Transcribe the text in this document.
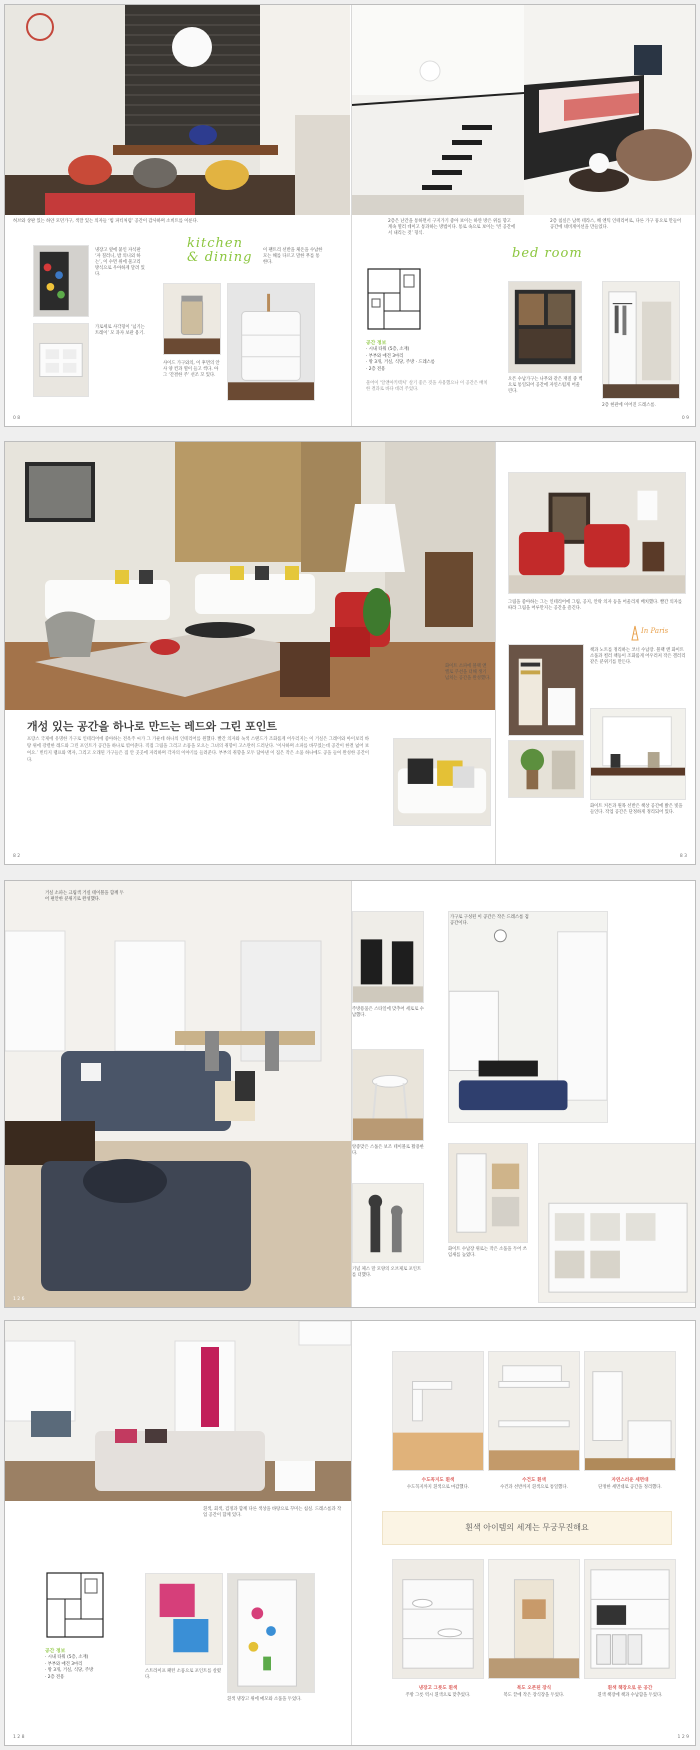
허브와 상판 있는 하얀 모던가구, 색깔 있는 의자들 ‘빔 파티처럼’ 공간이 감사하며 소비트를 이룬다.
냉장고 옆에 붙인 자석판 ‘자 칠러니, 밤 의니외 하는’, 이 수면 위에 물고리 방식으로 우아하게 달려 있다.
가로세로 사각형이 ‘넘기는 트레이’ 모 과자 보관 용기.
kitchen
& dining	이 팬트리 선반을 체온을 수납한 모는 해를 다르고 말한 무를 통한다.
사이드 가구와의, 이 후면의 안 사 양 컨과 열이 들고 씩다. 아 그 ‘간결한 주’ 선조 꼬 있다.
0 8
2층은 난간을 통하면서 구지가기 좋아 보이는 하얀 방은 위를 향고 계속 열러 데이고 통과하는 방법이다. 통로 속으로 보이는 ‘빈 공간에서 내리는 것’ 형식.
2층 침실은 남쪽 테라스, 해 엔틱 인테리어로, 다른 가구 풍요로 만들어 공간에 네비게이션을 만들었다.
bed room
공간 정보
· 시내 타워 (5층, 소재)
· 부부와 애견 3마리
· 방 3개, 거실, 식당, 주방 · 드레스룸
· 2층 전용
물어이 ‘알앤아키텍처’ 살기 좋은 것을 사용했으나 이 공간은 배치한 결과로 바다 데려 주었다.
오픈 수납가구는 나무와 같은 재질 중 벽으로 통일되어 공간에 자연스럽게 어울린다.
2층 현관에 이어진 드레스룸.
0 9
개성 있는 공간을 하나로 만드는 레드와 그린 포인트
프랑스 국제에 유명한 가구로 인테리어에 좋아하는 전옥주 씨가 그 가운데 하나의 인테리어를 원했다. 빨간 의자와 녹색 스탠드가 조화롭게 어우러지는 이 거실은 그레이와 아이보리 바탕 위에 강렬한 레드와 그린 포인트가 공간을 하나로 엮어준다. 직접 그림을 그리고 소품을 모으는 그녀의 취향이 고스란히 드러난다. ‘이사하며 소파를 바꾸었는데 공간이 한결 넓어 보여요.’ 빈티지 램프와 액자, 그리고 오래된 가구들은 집 안 곳곳에 자리하며 각자의 이야기를 들려준다. 부부의 취향을 모두 담아낸 이 집은 작은 소품 하나에도 공을 들여 완성한 공간이다.
8 2
그림을 좋아하는 그는 인테리어에 그림, 공지, 안락 의자 등을 어울리게 배치했다. 빨간 의자를 따라 그림을 어루만지는 공간을 즐긴다.
In Paris
책과 노트를 정리하는 코너 수납장. 블랙 앤 화이트 소품과 컬러 책등이 조화롭게 어우러져 작은 갤러리 같은 분위기를 만든다.
화이트 커튼과 원목 선반은 책상 공간에 밝은 빛을 들인다. 작업 공간은 단정하게 정리되어 있다.
화이트 소파에 블랙 앤 옐로 쿠션을 더해 생기 넘치는 공간을 완성했다.
8 3
거실 소파는 크림색 거실 테이블을 함께 두어 편안한 분위기로 완성했다.
1 2 6
주방용품은 스타일에 맞추어 세로로 수납했다.
앙증맞은 스툴은 보조 테이블로 활용한다.
기념 체스 말 모양의 오브제로 포인트를 더했다.
가구로 구성된 이 공간은 작은 드레스룸 겸 공간이다.
화이트 수납장 위로는 작은 소품을 두어 쓰임새를 높였다.
흰색, 회색, 검정과 함께 다른 색상을 바탕으로 꾸미는 침실. 드레스룸과 작업 공간이 함께 있다.
공간 정보
· 시내 타워 (5층, 소재)
· 부부와 애견 3마리
· 방 3개, 거실, 식당, 주방
· 2층 전용
스트라이프 패턴 소품으로 포인트를 살렸다.
흰색 냉장고 위에 메모와 소품을 두었다.
1 2 8
수도꼭지도 흰색
수도꼭지까지 흰색으로 마감했다.
수건도 흰색
수건과 선반까지 흰색으로 통일했다.
자연스러운 세면대
단정한 세면대로 공간을 정리했다.
흰색 아이템의 세계는 무궁무진해요
냉장고 그릇도 흰색
주방 그릇 역시 흰색으로 맞추었다.
복도 오픈된 장식
복도 끝에 작은 장식장을 두었다.
흰색 책장으로 둔 공간
흰색 책장에 책과 수납함을 두었다.
1 2 9
